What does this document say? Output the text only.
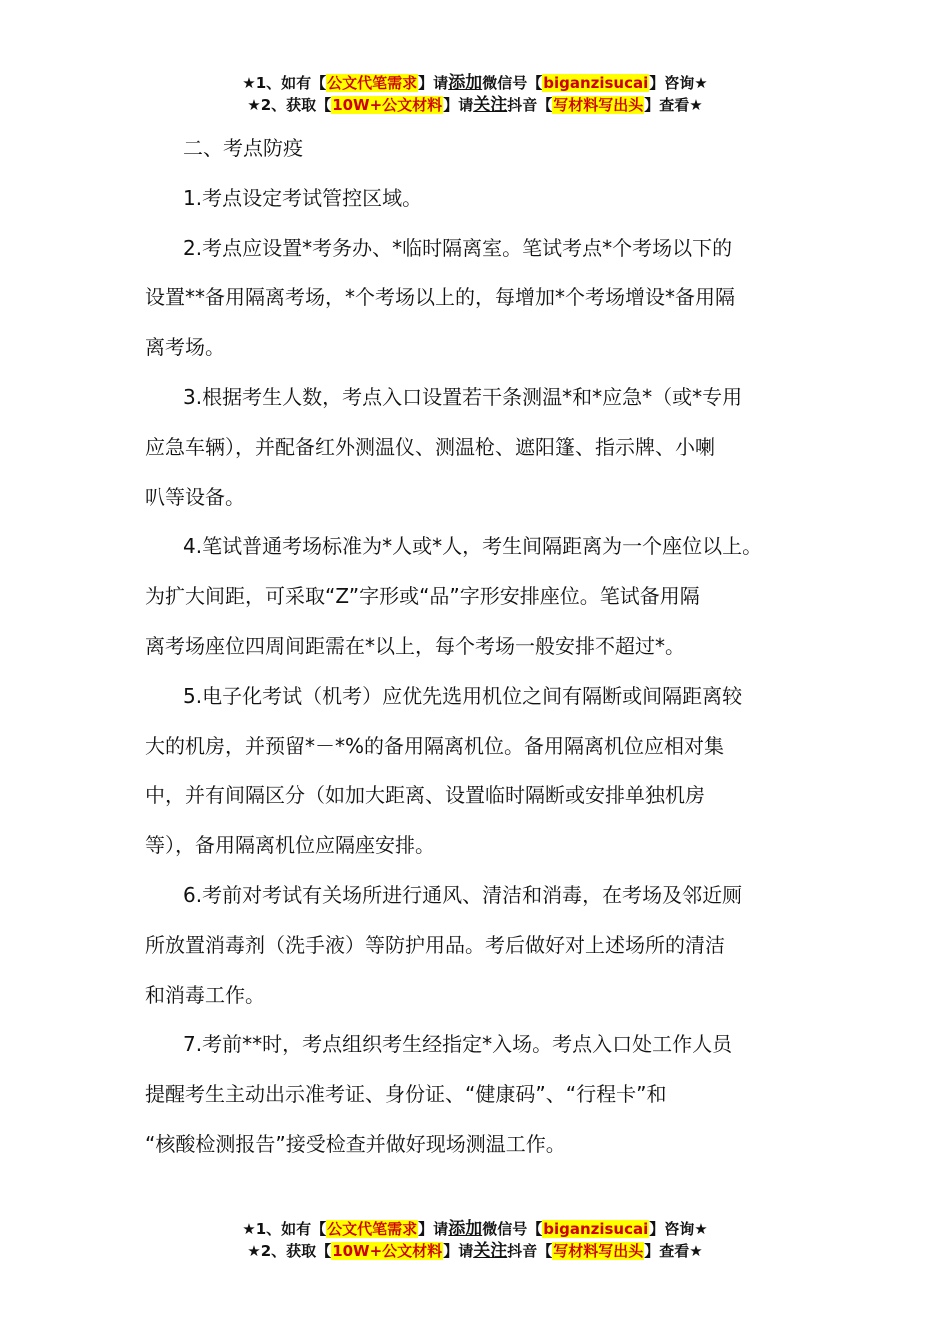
★1、如有【公文代笔需求】请添加微信号【biganzisucai】咨询★
★2、获取【10W+公文材料】请关注抖音【写材料写出头】查看★

二、考点防疫

1.考点设定考试管控区域。

2.考点应设置*考务办、*临时隔离室。笔试考点*个考场以下的

设置**备用隔离考场，*个考场以上的，每增加*个考场增设*备用隔

离考场。

3.根据考生人数，考点入口设置若干条测温*和*应急*（或*专用

应急车辆），并配备红外测温仪、测温枪、遮阳篷、指示牌、小喇

叭等设备。

4.笔试普通考场标准为*人或*人，考生间隔距离为一个座位以上。

为扩大间距，可采取“Z”字形或“品”字形安排座位。笔试备用隔

离考场座位四周间距需在*以上，每个考场一般安排不超过*。

5.电子化考试（机考）应优先选用机位之间有隔断或间隔距离较

大的机房，并预留*－*%的备用隔离机位。备用隔离机位应相对集

中，并有间隔区分（如加大距离、设置临时隔断或安排单独机房

等），备用隔离机位应隔座安排。

6.考前对考试有关场所进行通风、清洁和消毒，在考场及邻近厕

所放置消毒剂（洗手液）等防护用品。考后做好对上述场所的清洁

和消毒工作。

7.考前**时，考点组织考生经指定*入场。考点入口处工作人员

提醒考生主动出示准考证、身份证、“健康码”、“行程卡”和

“核酸检测报告”接受检查并做好现场测温工作。

★1、如有【公文代笔需求】请添加微信号【biganzisucai】咨询★
★2、获取【10W+公文材料】请关注抖音【写材料写出头】查看★
